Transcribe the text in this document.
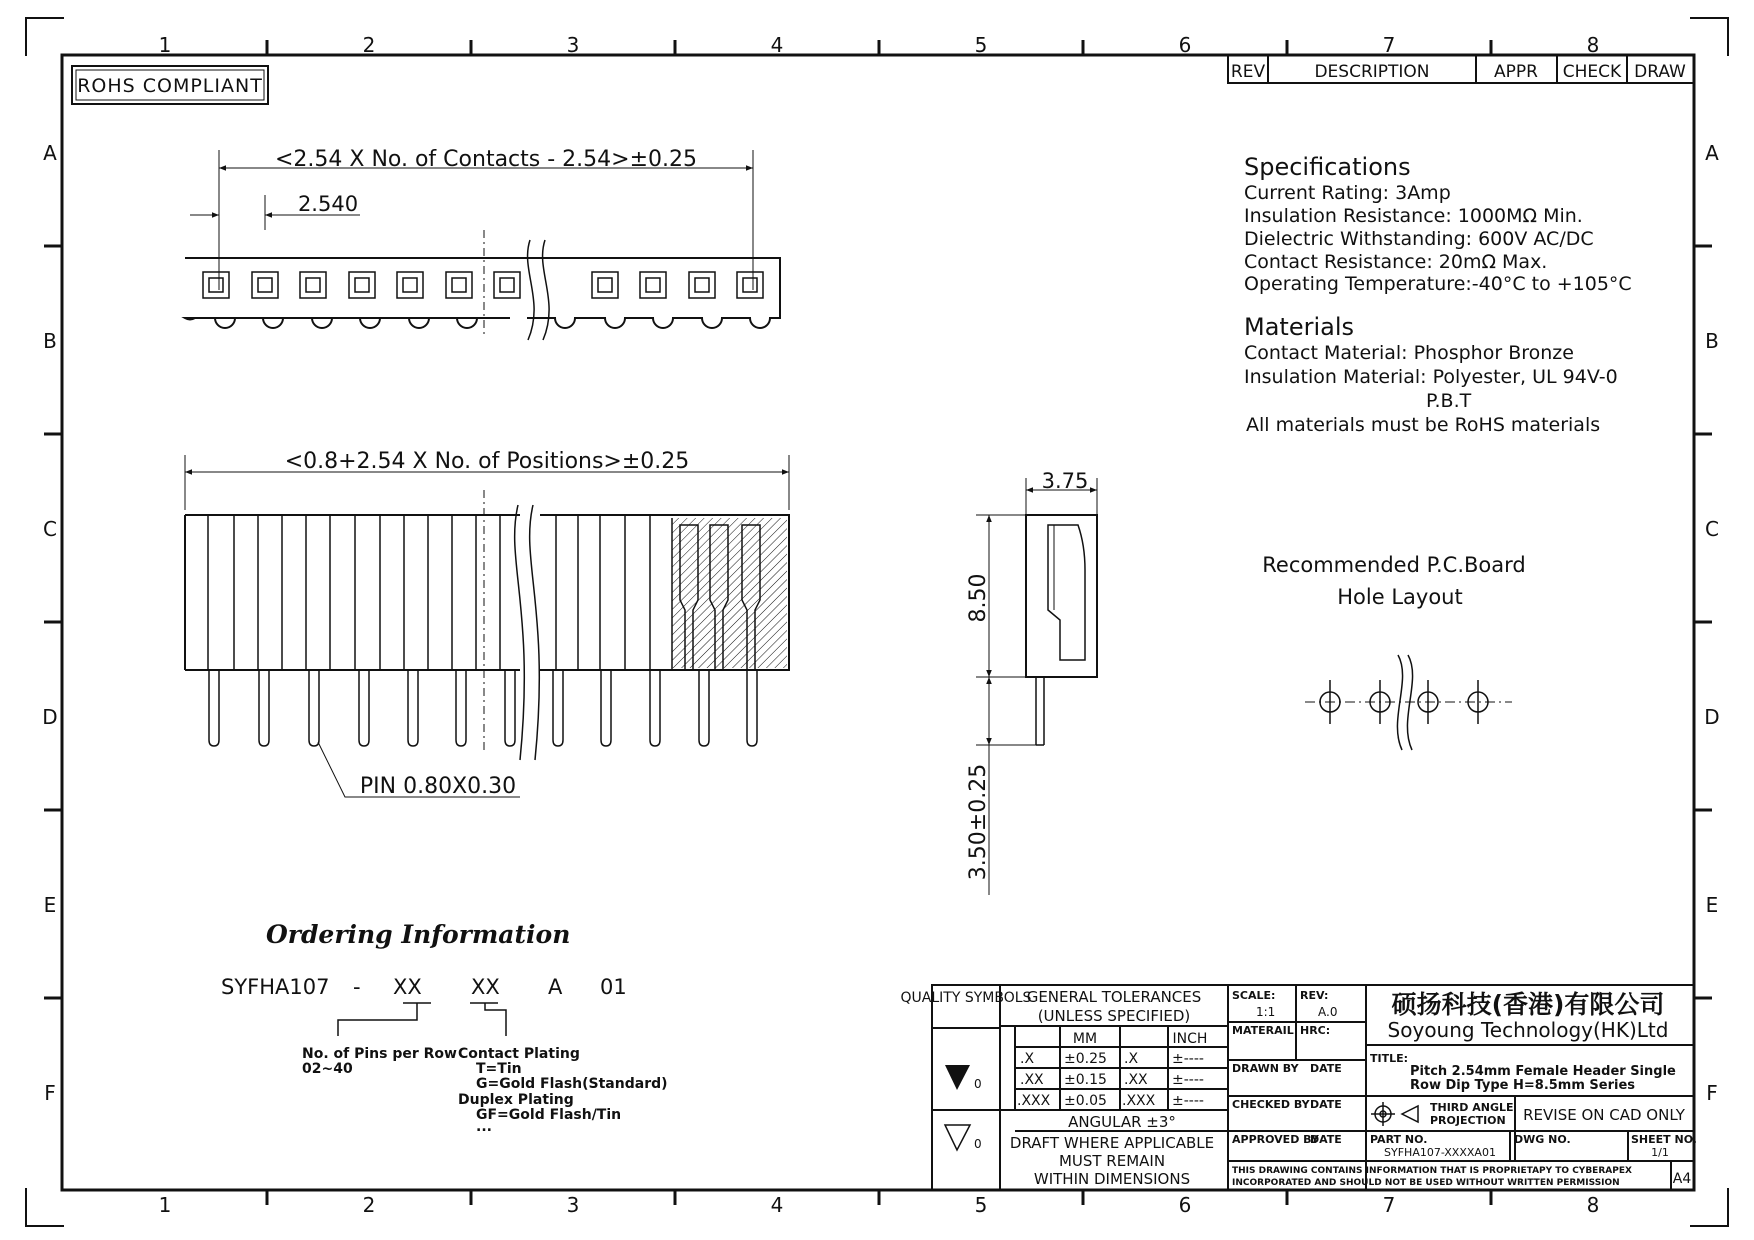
1	2	3	4	5	6	7	8
1	2	3	4	5	6	7	8
A
B
C
D
E
F
A
B
C
D
E
F
ROHS COMPLIANT
REV	DESCRIPTION	APPR CHECK DRAW
<2.54 X No. of Contacts - 2.54>±0.25
2.540
<0.8+2.54 X No. of Positions>±0.25
PIN 0.80X0.30
3.75
8.50
3.50±0.25
Specifications
Current Rating: 3Amp
Insulation Resistance: 1000MΩ Min.
Dielectric Withstanding: 600V AC/DC
Contact Resistance: 20mΩ Max.
Operating Temperature:-40°C to +105°C
Materials
Contact Material: Phosphor Bronze
Insulation Material: Polyester, UL 94V-0
P.B.T
All materials must be RoHS materials
Recommended P.C.Board
Hole Layout
Ordering Information
SYFHA107 - XX XX A 01
No. of Pins per Row
02~40
Contact Plating
T=Tin
G=Gold Flash(Standard)
Duplex Plating
GF=Gold Flash/Tin
...
QUALITY SYMBOLS
GENERAL TOLERANCES
(UNLESS SPECIFIED)
MM	INCH
.X ±0.25 .X ±----
.XX ±0.15 .XX ±----
.XXX ±0.05 .XXX ±----
ANGULAR ±3°
DRAFT WHERE APPLICABLE
MUST REMAIN
WITHIN DIMENSIONS
0
0
SCALE:
1:1
REV:
A.0
MATERAIL: HRC:
DRAWN BY DATE
CHECKED BY DATE
APPROVED BY
DATE
硕扬科技(香港)有限公司
Soyoung Technology(HK)Ltd
TITLE:
Pitch 2.54mm Female Header Single
Row Dip Type H=8.5mm Series
THIRD ANGLE
PROJECTION REVISE ON CAD ONLY
PART NO.
SYFHA107-XXXXA01
DWG NO.	SHEET NO.
1/1
THIS DRAWING CONTAINS INFORMATION THAT IS PROPRIETAPY TO CYBERAPEX
INCORPORATED AND SHOULD NOT BE USED WITHOUT WRITTEN PERMISSION	A4
